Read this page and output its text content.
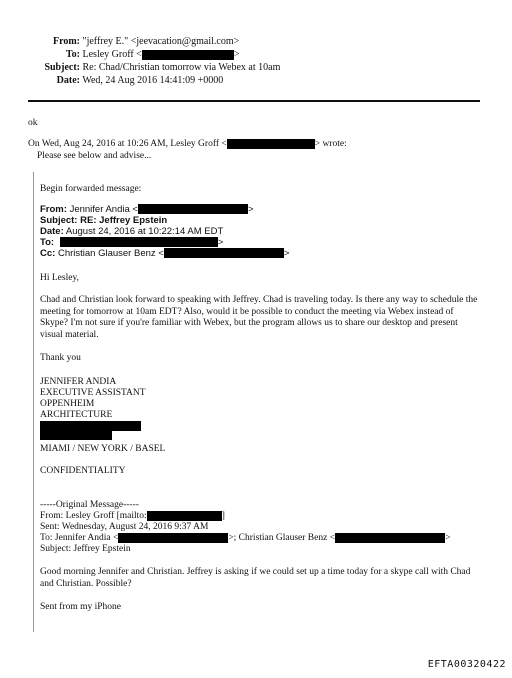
From: "jeffrey E." <jeevacation@gmail.com>
To: Lesley Groff <	>
Subject: Re: Chad/Christian tomorrow via Webex at 10am
Date: Wed, 24 Aug 2016 14:41:09 +0000
ok
On Wed, Aug 24, 2016 at 10:26 AM, Lesley Groff <	> wrote:
Please see below and advise...
Begin forwarded message:
From: Jennifer Andia <	>
Subject: RE: Jeffrey Epstein
Date: August 24, 2016 at 10:22:14 AM EDT
To:	>
Cc: Christian Glauser Benz <	>
Hi Lesley,
Chad and Christian look forward to speaking with Jeffrey. Chad is traveling today. Is there any way to schedule the meeting for tomorrow at 10am EDT? Also, would it be possible to conduct the meeting via Webex instead of Skype? I'm not sure if you're familiar with Webex, but the program allows us to share our desktop and present visual material.
Thank you
JENNIFER ANDIA
EXECUTIVE ASSISTANT
OPPENHEIM
ARCHITECTURE
MIAMI / NEW YORK / BASEL
CONFIDENTIALITY
-----Original Message-----
From: Lesley Groff [mailto:	]
Sent: Wednesday, August 24, 2016 9:37 AM
To: Jennifer Andia <	>; Christian Glauser Benz <	>
Subject: Jeffrey Epstein
Good morning Jennifer and Christian. Jeffrey is asking if we could set up a time today for a skype call with Chad and Christian. Possible?
Sent from my iPhone
EFTA00320422
